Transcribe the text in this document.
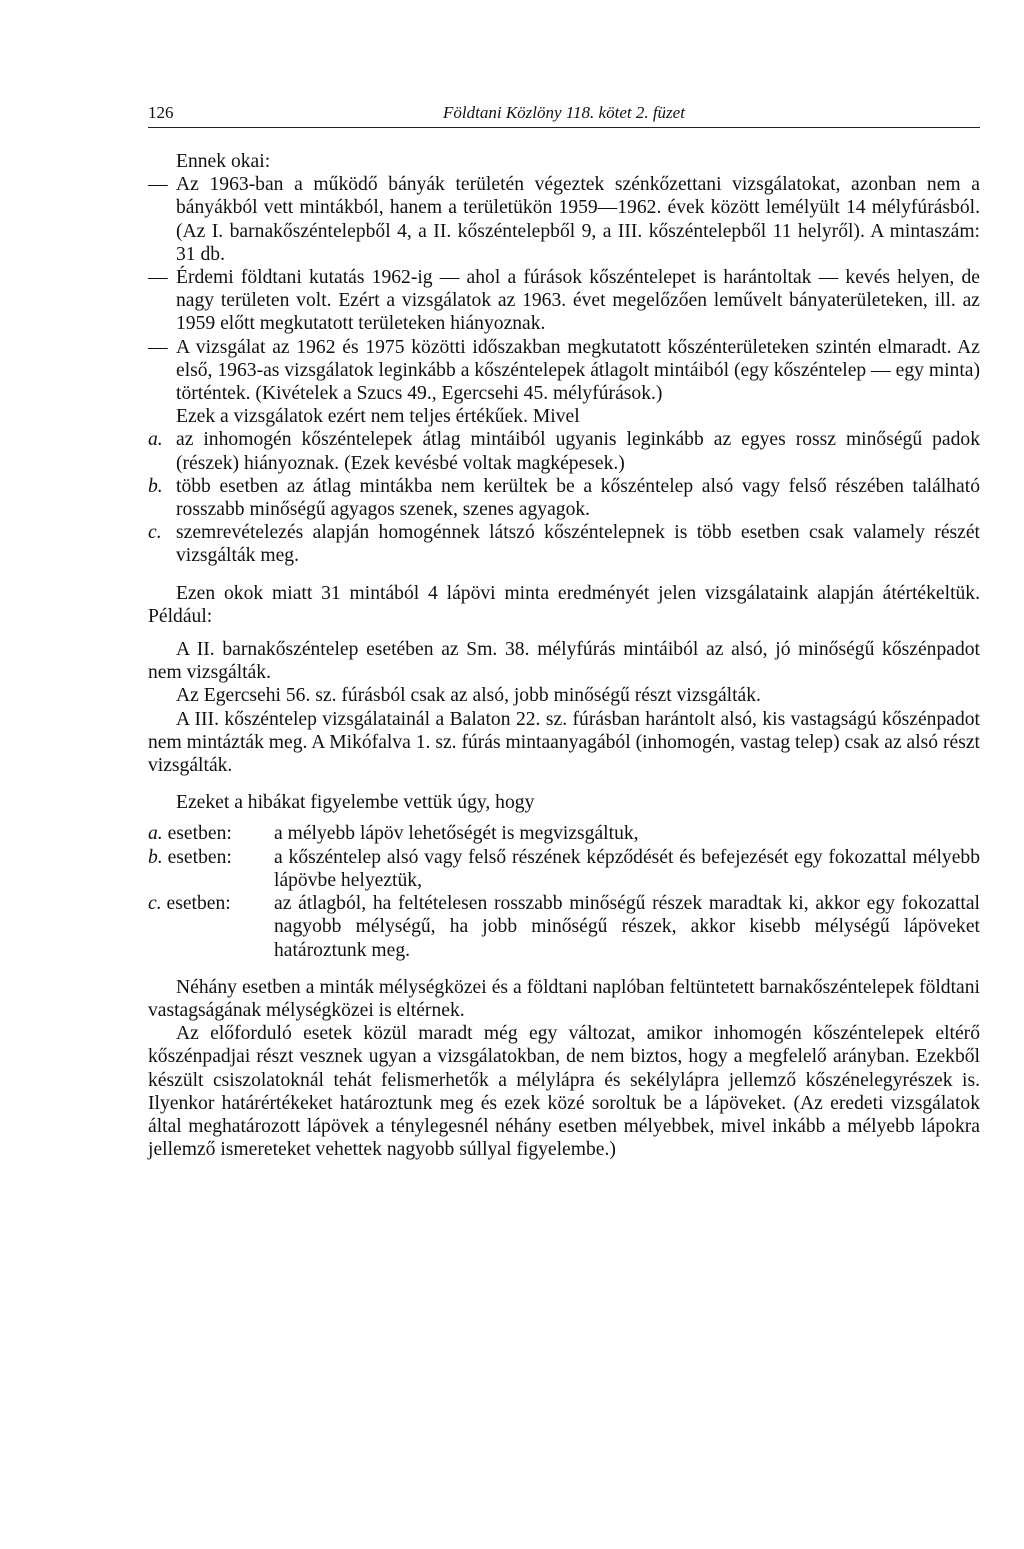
126	Földtani Közlöny 118. kötet 2. füzet

Ennek okai:

— Az 1963-ban a működő bányák területén végeztek szénkőzettani vizsgálatokat, azonban nem a bányákból vett mintákból, hanem a területükön 1959—1962. évek között lemélyült 14 mélyfúrásból. (Az I. barnakőszéntelepből 4, a II. kőszéntelepből 9, a III. kőszéntelepből 11 helyről). A mintaszám: 31 db.
— Érdemi földtani kutatás 1962-ig — ahol a fúrások kőszéntelepet is harántoltak — kevés helyen, de nagy területen volt. Ezért a vizsgálatok az 1963. évet megelőzően leművelt bányaterületeken, ill. az 1959 előtt megkutatott területeken hiányoznak.
— A vizsgálat az 1962 és 1975 közötti időszakban megkutatott kőszénterületeken szintén elmaradt. Az első, 1963-as vizsgálatok leginkább a kőszéntelepek átlagolt mintáiból (egy kőszéntelep — egy minta) történtek. (Kivételek a Szucs 49., Egercsehi 45. mélyfúrások.)

Ezek a vizsgálatok ezért nem teljes értékűek. Mivel

a. az inhomogén kőszéntelepek átlag mintáiból ugyanis leginkább az egyes rossz minőségű padok (részek) hiányoznak. (Ezek kevésbé voltak magképesek.)
b. több esetben az átlag mintákba nem kerültek be a kőszéntelep alsó vagy felső részében található rosszabb minőségű agyagos szenek, szenes agyagok.
c. szemrevételezés alapján homogénnek látszó kőszéntelepnek is több esetben csak valamely részét vizsgálták meg.

Ezen okok miatt 31 mintából 4 lápövi minta eredményét jelen vizsgálataink alapján átértékeltük. Például:

A II. barnakőszéntelep esetében az Sm. 38. mélyfúrás mintáiból az alsó, jó minőségű kőszénpadot nem vizsgálták.

Az Egercsehi 56. sz. fúrásból csak az alsó, jobb minőségű részt vizsgálták.

A III. kőszéntelep vizsgálatainál a Balaton 22. sz. fúrásban harántolt alsó, kis vastagságú kőszénpadot nem mintázták meg. A Mikófalva 1. sz. fúrás mintaanyagából (inhomogén, vastag telep) csak az alsó részt vizsgálták.

Ezeket a hibákat figyelembe vettük úgy, hogy

a. esetben: a mélyebb lápöv lehetőségét is megvizsgáltuk,
b. esetben: a kőszéntelep alsó vagy felső részének képződését és befejezését egy fokozattal mélyebb lápövbe helyeztük,
c. esetben: az átlagból, ha feltételesen rosszabb minőségű részek maradtak ki, akkor egy fokozattal nagyobb mélységű, ha jobb minőségű részek, akkor kisebb mélységű lápöveket határoztunk meg.

Néhány esetben a minták mélységközei és a földtani naplóban feltüntetett barnakőszéntelepek földtani vastagságának mélységközei is eltérnek.

Az előforduló esetek közül maradt még egy változat, amikor inhomogén kőszéntelepek eltérő kőszénpadjai részt vesznek ugyan a vizsgálatokban, de nem biztos, hogy a megfelelő arányban. Ezekből készült csiszolatoknál tehát felismerhetők a mélylápra és sekélylápra jellemző kőszénelegyrészek is. Ilyenkor határértékeket határoztunk meg és ezek közé soroltuk be a lápöveket. (Az eredeti vizsgálatok által meghatározott lápövek a ténylegesnél néhány esetben mélyebbek, mivel inkább a mélyebb lápokra jellemző ismereteket vehettek nagyobb súllyal figyelembe.)
